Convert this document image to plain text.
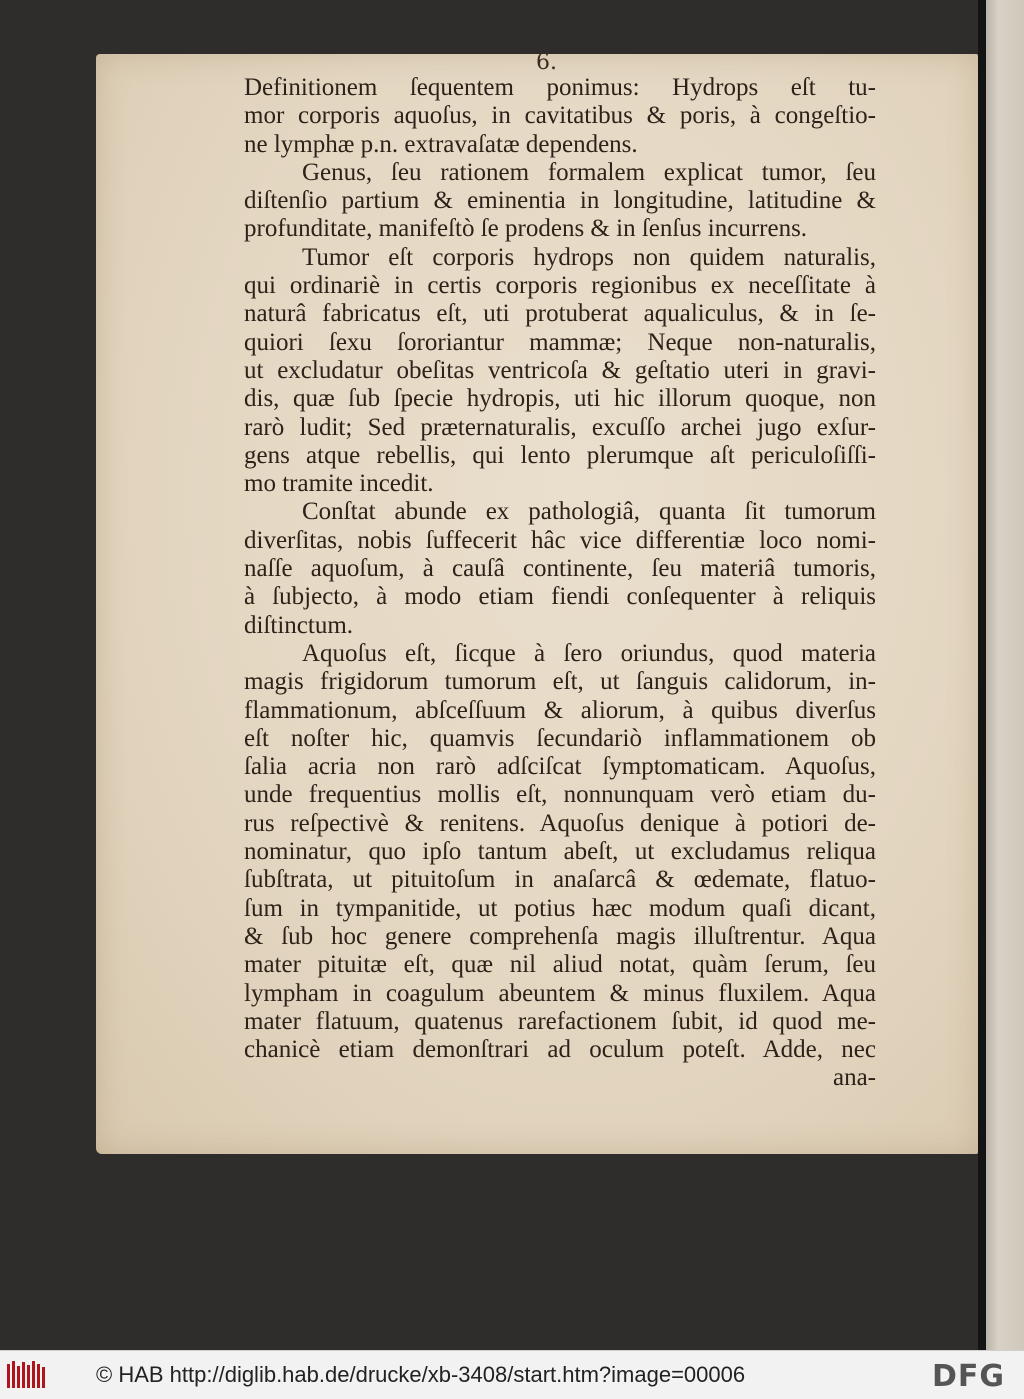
6.
Definitionem ſequentem ponimus: Hydrops eſt tu-
mor corporis aquoſus, in cavitatibus & poris, à congeſtio-
ne lymphæ p.n. extravaſatæ dependens.
Genus, ſeu rationem formalem explicat tumor, ſeu
diſtenſio partium & eminentia in longitudine, latitudine &
profunditate, manifeſtò ſe prodens & in ſenſus incurrens.
Tumor eſt corporis hydrops non quidem naturalis,
qui ordinariè in certis corporis regionibus ex neceſſitate à
naturâ fabricatus eſt, uti protuberat aqualiculus, & in ſe-
quiori ſexu ſororiantur mammæ; Neque non-naturalis,
ut excludatur obeſitas ventricoſa & geſtatio uteri in gravi-
dis, quæ ſub ſpecie hydropis, uti hic illorum quoque, non
rarò ludit; Sed præternaturalis, excuſſo archei jugo exſur-
gens atque rebellis, qui lento plerumque aſt periculoſiſſi-
mo tramite incedit.
Conſtat abunde ex pathologiâ, quanta ſit tumorum
diverſitas, nobis ſuffecerit hâc vice differentiæ loco nomi-
naſſe aquoſum, à cauſâ continente, ſeu materiâ tumoris,
à ſubjecto, à modo etiam fiendi conſequenter à reliquis
diſtinctum.
Aquoſus eſt, ſicque à ſero oriundus, quod materia
magis frigidorum tumorum eſt, ut ſanguis calidorum, in-
flammationum, abſceſſuum & aliorum, à quibus diverſus
eſt noſter hic, quamvis ſecundariò inflammationem ob
ſalia acria non rarò adſciſcat ſymptomaticam. Aquoſus,
unde frequentius mollis eſt, nonnunquam verò etiam du-
rus reſpectivè & renitens. Aquoſus denique à potiori de-
nominatur, quo ipſo tantum abeſt, ut excludamus reliqua
ſubſtrata, ut pituitoſum in anaſarcâ & œdemate, flatuo-
ſum in tympanitide, ut potius hæc modum quaſi dicant,
& ſub hoc genere comprehenſa magis illuſtrentur. Aqua
mater pituitæ eſt, quæ nil aliud notat, quàm ſerum, ſeu
lympham in coagulum abeuntem & minus fluxilem. Aqua
mater flatuum, quatenus rarefactionem ſubit, id quod me-
chanicè etiam demonſtrari ad oculum poteſt. Adde, nec
ana-
© HAB http://diglib.hab.de/drucke/xb-3408/start.htm?image=00006	DFG
